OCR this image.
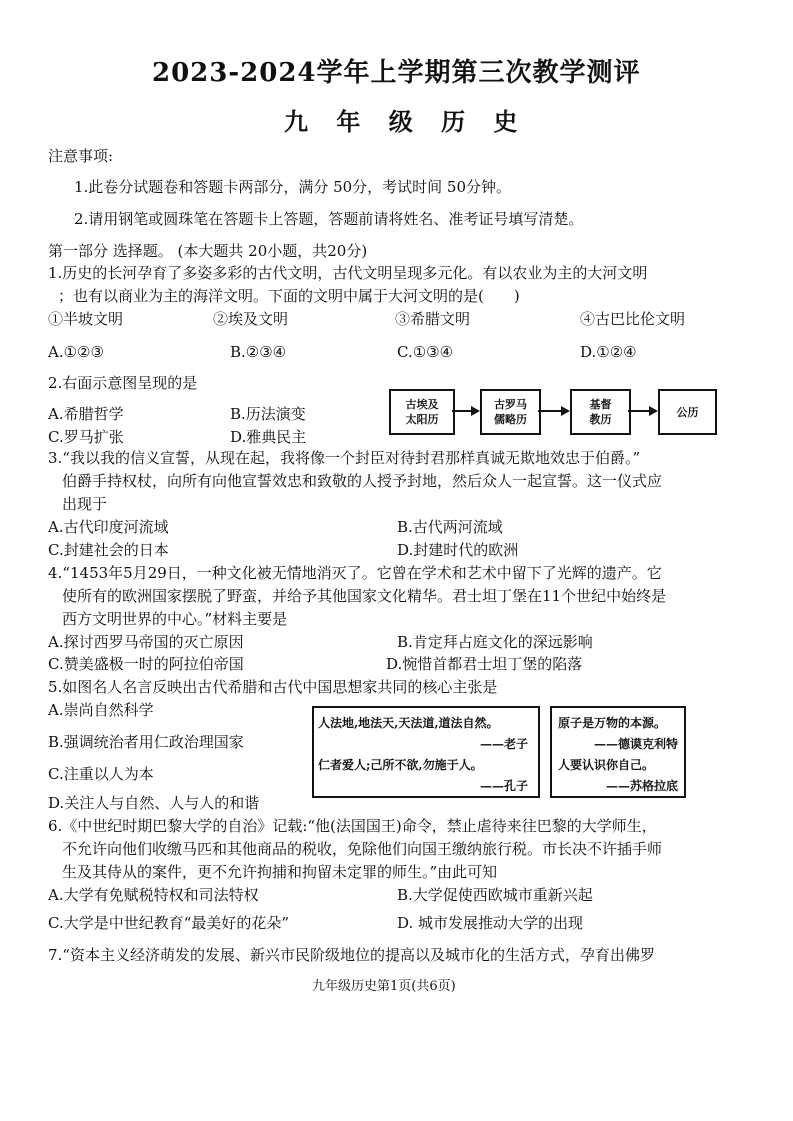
2023-2024学年上学期第三次教学测评
九 年 级 历 史
注意事项:
1.此卷分试题卷和答题卡两部分，满分 50分，考试时间 50分钟。
2.请用钢笔或圆珠笔在答题卡上答题，答题前请将姓名、准考证号填写清楚。
第一部分 选择题。 (本大题共 20小题，共20分)
1.历史的长河孕育了多姿多彩的古代文明，古代文明呈现多元化。有以农业为主的大河文明
；也有以商业为主的海洋文明。下面的文明中属于大河文明的是(　　)
①半坡文明	②埃及文明	③希腊文明	④古巴比伦文明
A.①②③	B.②③④	C.①③④	D.①②④
2.右面示意图呈现的是
A.希腊哲学	B.历法演变
C.罗马扩张	D.雅典民主
古埃及
太阳历
古罗马
儒略历
基督
教历
公历
3.“我以我的信义宣誓，从现在起，我将像一个封臣对待封君那样真诚无欺地效忠于伯爵。”
伯爵手持权杖，向所有向他宣誓效忠和致敬的人授予封地，然后众人一起宣誓。这一仪式应
出现于
A.古代印度河流域	B.古代两河流域
C.封建社会的日本	D.封建时代的欧洲
4.“1453年5月29日，一种文化被无情地消灭了。它曾在学术和艺术中留下了光辉的遗产。它
使所有的欧洲国家摆脱了野蛮，并给予其他国家文化精华。君士坦丁堡在11个世纪中始终是
西方文明世界的中心。”材料主要是
A.探讨西罗马帝国的灭亡原因	B.肯定拜占庭文化的深远影响
C.赞美盛极一时的阿拉伯帝国	D.惋惜首都君士坦丁堡的陷落
5.如图名人名言反映出古代希腊和古代中国思想家共同的核心主张是
A.崇尚自然科学
B.强调统治者用仁政治理国家
C.注重以人为本
D.关注人与自然、人与人的和谐
人法地,地法天,天法道,道法自然。
——老子
仁者爱人;己所不欲,勿施于人。
——孔子
原子是万物的本源。
——德谟克利特
人要认识你自己。
——苏格拉底
6.《中世纪时期巴黎大学的自治》记载:“他(法国国王)命令，禁止虐待来往巴黎的大学师生，
不允许向他们收缴马匹和其他商品的税收，免除他们向国王缴纳旅行税。市长决不许插手师
生及其侍从的案件，更不允许拘捕和拘留未定罪的师生。”由此可知
A.大学有免赋税特权和司法特权	B.大学促使西欧城市重新兴起
C.大学是中世纪教育“最美好的花朵”	D. 城市发展推动大学的出现
7.“资本主义经济萌发的发展、新兴市民阶级地位的提高以及城市化的生活方式，孕育出佛罗
九年级历史第1页(共6页)
